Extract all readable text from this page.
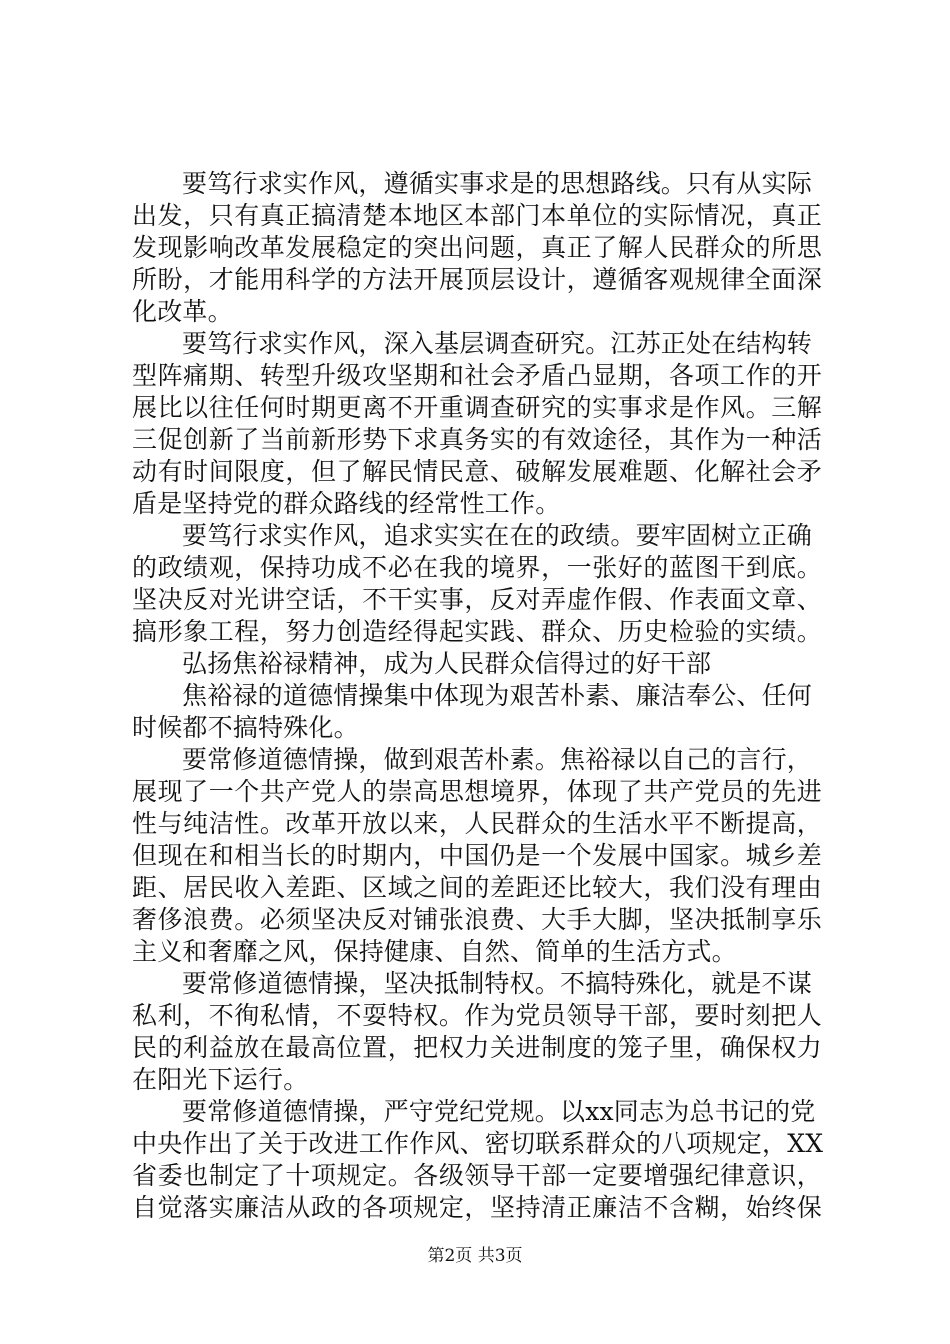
要笃行求实作风，遵循实事求是的思想路线。只有从实际
出发，只有真正搞清楚本地区本部门本单位的实际情况，真正
发现影响改革发展稳定的突出问题，真正了解人民群众的所思
所盼，才能用科学的方法开展顶层设计，遵循客观规律全面深
化改革。
要笃行求实作风，深入基层调查研究。江苏正处在结构转
型阵痛期、转型升级攻坚期和社会矛盾凸显期，各项工作的开
展比以往任何时期更离不开重调查研究的实事求是作风。三解
三促创新了当前新形势下求真务实的有效途径，其作为一种活
动有时间限度，但了解民情民意、破解发展难题、化解社会矛
盾是坚持党的群众路线的经常性工作。
要笃行求实作风，追求实实在在的政绩。要牢固树立正确
的政绩观，保持功成不必在我的境界，一张好的蓝图干到底。
坚决反对光讲空话，不干实事，反对弄虚作假、作表面文章、
搞形象工程，努力创造经得起实践、群众、历史检验的实绩。
弘扬焦裕禄精神，成为人民群众信得过的好干部
焦裕禄的道德情操集中体现为艰苦朴素、廉洁奉公、任何
时候都不搞特殊化。
要常修道德情操，做到艰苦朴素。焦裕禄以自己的言行，
展现了一个共产党人的崇高思想境界，体现了共产党员的先进
性与纯洁性。改革开放以来，人民群众的生活水平不断提高，
但现在和相当长的时期内，中国仍是一个发展中国家。城乡差
距、居民收入差距、区域之间的差距还比较大，我们没有理由
奢侈浪费。必须坚决反对铺张浪费、大手大脚，坚决抵制享乐
主义和奢靡之风，保持健康、自然、简单的生活方式。
要常修道德情操，坚决抵制特权。不搞特殊化，就是不谋
私利，不徇私情，不耍特权。作为党员领导干部，要时刻把人
民的利益放在最高位置，把权力关进制度的笼子里，确保权力
在阳光下运行。
要常修道德情操，严守党纪党规。以xx同志为总书记的党
中央作出了关于改进工作作风、密切联系群众的八项规定，XX
省委也制定了十项规定。各级领导干部一定要增强纪律意识，
自觉落实廉洁从政的各项规定，坚持清正廉洁不含糊，始终保
第2页 共3页
